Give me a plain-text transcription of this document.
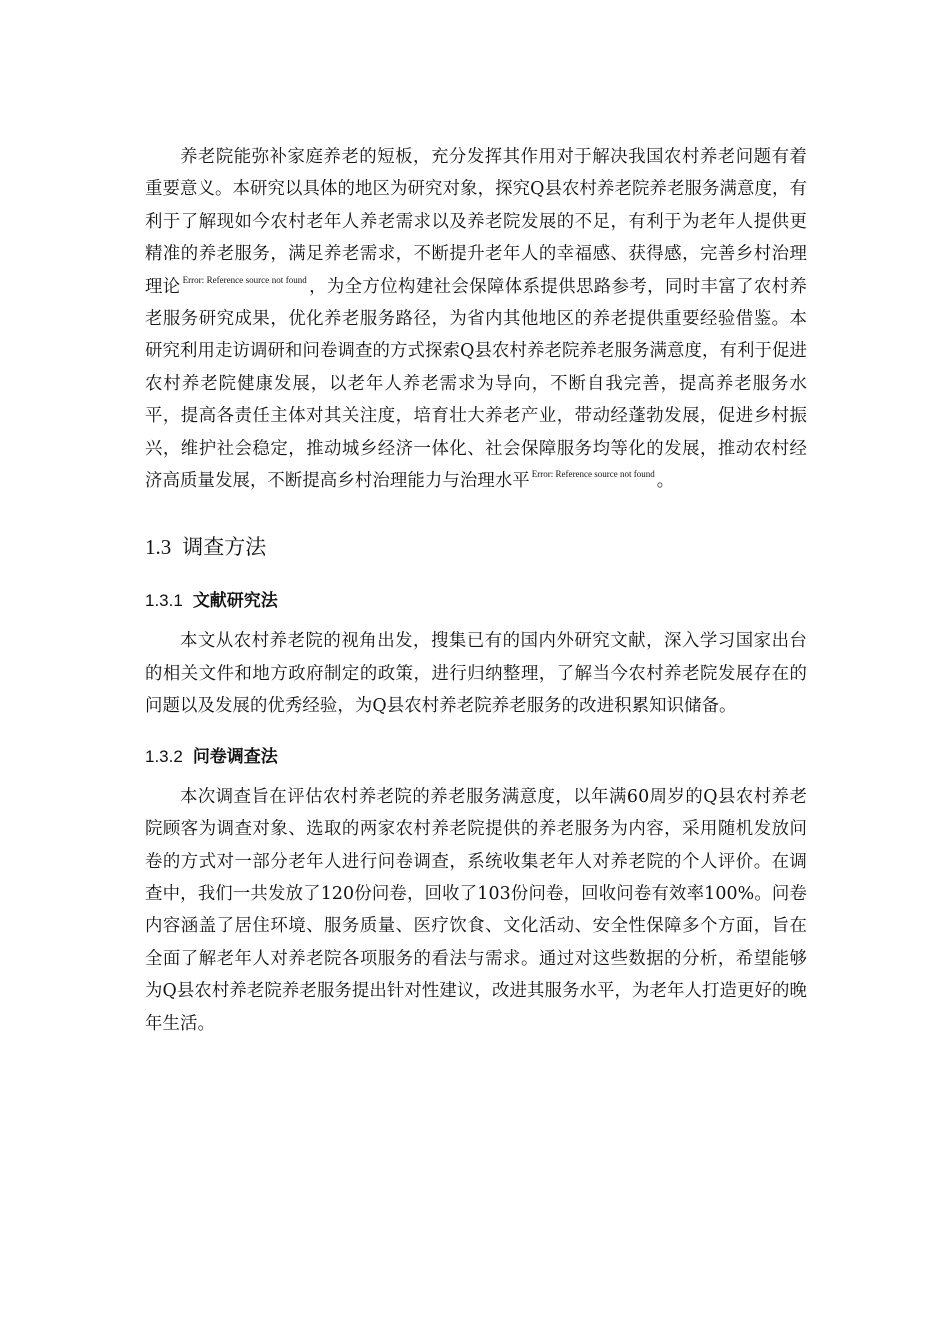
养老院能弥补家庭养老的短板，充分发挥其作用对于解决我国农村养老问题有着重要意义。本研究以具体的地区为研究对象，探究Q县农村养老院养老服务满意度，有利于了解现如今农村老年人养老需求以及养老院发展的不足，有利于为老年人提供更精准的养老服务，满足养老需求，不断提升老年人的幸福感、获得感，完善乡村治理理论 $^{Error: Reference source not found}$ ，为全方位构建社会保障体系提供思路参考，同时丰富了农村养老服务研究成果，优化养老服务路径，为省内其他地区的养老提供重要经验借鉴。本研究利用走访调研和问卷调查的方式探索Q县农村养老院养老服务满意度，有利于促进农村养老院健康发展，以老年人养老需求为导向，不断自我完善，提高养老服务水平，提高各责任主体对其关注度，培育壮大养老产业，带动经蓬勃发展，促进乡村振兴，维护社会稳定，推动城乡经济一体化、社会保障服务均等化的发展，推动农村经济高质量发展，不断提高乡村治理能力与治理水平 $^{Error: Reference source not found}$ 。

1.3 调查方法
1.3.1 文献研究法

本文从农村养老院的视角出发，搜集已有的国内外研究文献，深入学习国家出台的相关文件和地方政府制定的政策，进行归纳整理，了解当今农村养老院发展存在的问题以及发展的优秀经验，为Q县农村养老院养老服务的改进积累知识储备。

1.3.2 问卷调查法

本次调查旨在评估农村养老院的养老服务满意度，以年满60周岁的Q县农村养老院顾客为调查对象、选取的两家农村养老院提供的养老服务为内容，采用随机发放问卷的方式对一部分老年人进行问卷调查，系统收集老年人对养老院的个人评价。在调查中，我们一共发放了120份问卷，回收了103份问卷，回收问卷有效率100%。问卷内容涵盖了居住环境、服务质量、医疗饮食、文化活动、安全性保障多个方面，旨在全面了解老年人对养老院各项服务的看法与需求。通过对这些数据的分析，希望能够为Q县农村养老院养老服务提出针对性建议，改进其服务水平，为老年人打造更好的晚年生活。
